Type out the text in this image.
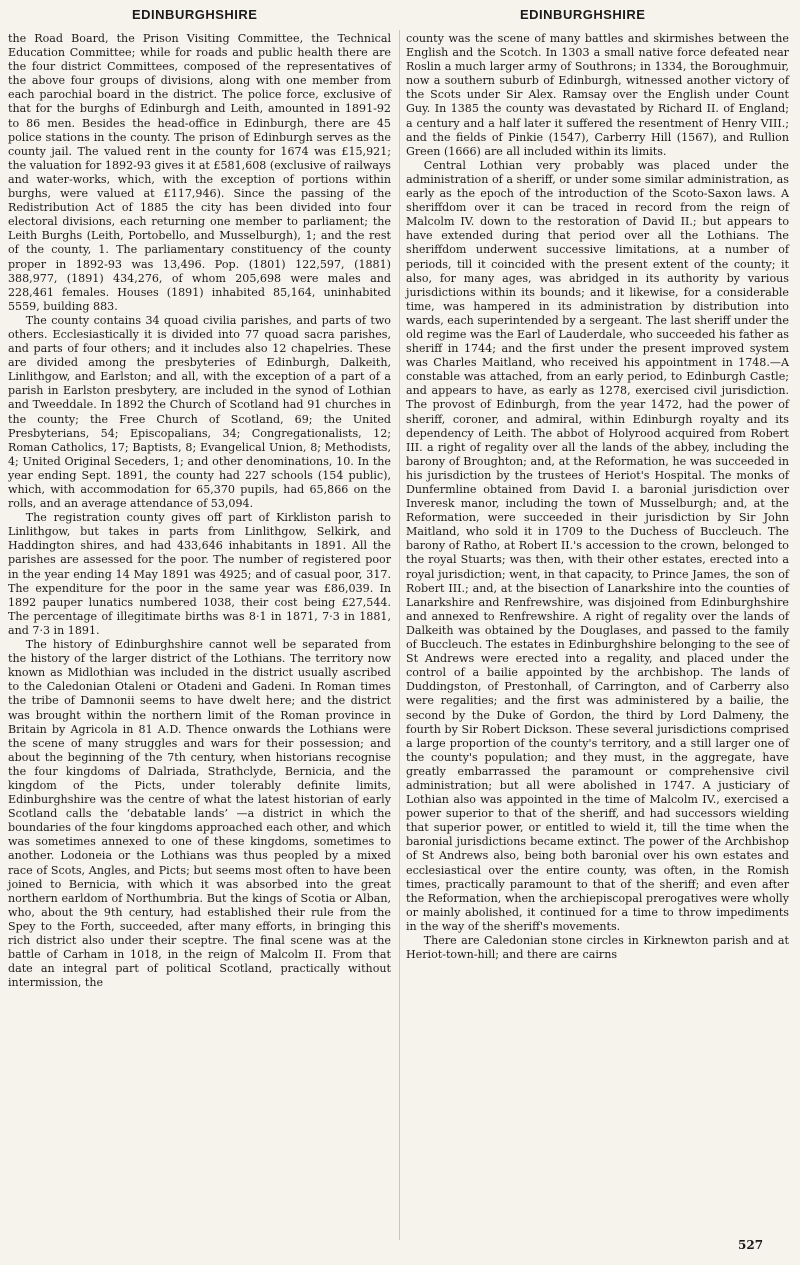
EDINBURGHSHIRE	EDINBURGHSHIRE

the Road Board, the Prison Visiting Committee, the Technical Education Committee; while for roads and public health there are the four district Committees, composed of the representatives of the above four groups of divisions, along with one member from each parochial board in the district. The police force, exclusive of that for the burghs of Edinburgh and Leith, amounted in 1891-92 to 86 men. Besides the head-office in Edinburgh, there are 45 police stations in the county. The prison of Edinburgh serves as the county jail. The valued rent in the county for 1674 was £15,921; the valuation for 1892-93 gives it at £581,608 (exclusive of railways and water-works, which, with the exception of portions within burghs, were valued at £117,946). Since the passing of the Redistribution Act of 1885 the city has been divided into four electoral divisions, each returning one member to parliament; the Leith Burghs (Leith, Portobello, and Musselburgh), 1; and the rest of the county, 1. The parliamentary constituency of the county proper in 1892-93 was 13,496. Pop. (1801) 122,597, (1881) 388,977, (1891) 434,276, of whom 205,698 were males and 228,461 females. Houses (1891) inhabited 85,164, uninhabited 5559, building 883.

The county contains 34 quoad civilia parishes, and parts of two others. Ecclesiastically it is divided into 77 quoad sacra parishes, and parts of four others; and it includes also 12 chapelries. These are divided among the presbyteries of Edinburgh, Dalkeith, Linlithgow, and Earlston; and all, with the exception of a part of a parish in Earlston presbytery, are included in the synod of Lothian and Tweeddale. In 1892 the Church of Scotland had 91 churches in the county; the Free Church of Scotland, 69; the United Presbyterians, 54; Episcopalians, 34; Congregationalists, 12; Roman Catholics, 17; Baptists, 8; Evangelical Union, 8; Methodists, 4; United Original Seceders, 1; and other denominations, 10. In the year ending Sept. 1891, the county had 227 schools (154 public), which, with accommodation for 65,370 pupils, had 65,866 on the rolls, and an average attendance of 53,094.

The registration county gives off part of Kirkliston parish to Linlithgow, but takes in parts from Linlithgow, Selkirk, and Haddington shires, and had 433,646 inhabitants in 1891. All the parishes are assessed for the poor. The number of registered poor in the year ending 14 May 1891 was 4925; and of casual poor, 317. The expenditure for the poor in the same year was £86,039. In 1892 pauper lunatics numbered 1038, their cost being £27,544. The percentage of illegitimate births was 8·1 in 1871, 7·3 in 1881, and 7·3 in 1891.

The history of Edinburghshire cannot well be separated from the history of the larger district of the Lothians. The territory now known as Midlothian was included in the district usually ascribed to the Caledonian Otaleni or Otadeni and Gadeni. In Roman times the tribe of Damnonii seems to have dwelt here; and the district was brought within the northern limit of the Roman province in Britain by Agricola in 81 A.D. Thence onwards the Lothians were the scene of many struggles and wars for their possession; and about the beginning of the 7th century, when historians recognise the four kingdoms of Dalriada, Strathclyde, Bernicia, and the kingdom of the Picts, under tolerably definite limits, Edinburghshire was the centre of what the latest historian of early Scotland calls the ‘debatable lands’ —a district in which the boundaries of the four kingdoms approached each other, and which was sometimes annexed to one of these kingdoms, sometimes to another. Lodoneia or the Lothians was thus peopled by a mixed race of Scots, Angles, and Picts; but seems most often to have been joined to Bernicia, with which it was absorbed into the great northern earldom of Northumbria. But the kings of Scotia or Alban, who, about the 9th century, had established their rule from the Spey to the Forth, succeeded, after many efforts, in bringing this rich district also under their sceptre. The final scene was at the battle of Carham in 1018, in the reign of Malcolm II. From that date an integral part of political Scotland, practically without intermission, the

county was the scene of many battles and skirmishes between the English and the Scotch. In 1303 a small native force defeated near Roslin a much larger army of Southrons; in 1334, the Boroughmuir, now a southern suburb of Edinburgh, witnessed another victory of the Scots under Sir Alex. Ramsay over the English under Count Guy. In 1385 the county was devastated by Richard II. of England; a century and a half later it suffered the resentment of Henry VIII.; and the fields of Pinkie (1547), Carberry Hill (1567), and Rullion Green (1666) are all included within its limits.

Central Lothian very probably was placed under the administration of a sheriff, or under some similar administration, as early as the epoch of the introduction of the Scoto-Saxon laws. A sheriffdom over it can be traced in record from the reign of Malcolm IV. down to the restoration of David II.; but appears to have extended during that period over all the Lothians. The sheriffdom underwent successive limitations, at a number of periods, till it coincided with the present extent of the county; it also, for many ages, was abridged in its authority by various jurisdictions within its bounds; and it likewise, for a considerable time, was hampered in its administration by distribution into wards, each superintended by a sergeant. The last sheriff under the old regime was the Earl of Lauderdale, who succeeded his father as sheriff in 1744; and the first under the present improved system was Charles Maitland, who received his appointment in 1748.—A constable was attached, from an early period, to Edinburgh Castle; and appears to have, as early as 1278, exercised civil jurisdiction. The provost of Edinburgh, from the year 1472, had the power of sheriff, coroner, and admiral, within Edinburgh royalty and its dependency of Leith. The abbot of Holyrood acquired from Robert III. a right of regality over all the lands of the abbey, including the barony of Broughton; and, at the Reformation, he was succeeded in his jurisdiction by the trustees of Heriot's Hospital. The monks of Dunfermline obtained from David I. a baronial jurisdiction over Inveresk manor, including the town of Musselburgh; and, at the Reformation, were succeeded in their jurisdiction by Sir John Maitland, who sold it in 1709 to the Duchess of Buccleuch. The barony of Ratho, at Robert II.'s accession to the crown, belonged to the royal Stuarts; was then, with their other estates, erected into a royal jurisdiction; went, in that capacity, to Prince James, the son of Robert III.; and, at the bisection of Lanarkshire into the counties of Lanarkshire and Renfrewshire, was disjoined from Edinburghshire and annexed to Renfrewshire. A right of regality over the lands of Dalkeith was obtained by the Douglases, and passed to the family of Buccleuch. The estates in Edinburghshire belonging to the see of St Andrews were erected into a regality, and placed under the control of a bailie appointed by the archbishop. The lands of Duddingston, of Prestonhall, of Carrington, and of Carberry also were regalities; and the first was administered by a bailie, the second by the Duke of Gordon, the third by Lord Dalmeny, the fourth by Sir Robert Dickson. These several jurisdictions comprised a large proportion of the county's territory, and a still larger one of the county's population; and they must, in the aggregate, have greatly embarrassed the paramount or comprehensive civil administration; but all were abolished in 1747. A justiciary of Lothian also was appointed in the time of Malcolm IV., exercised a power superior to that of the sheriff, and had successors wielding that superior power, or entitled to wield it, till the time when the baronial jurisdictions became extinct. The power of the Archbishop of St Andrews also, being both baronial over his own estates and ecclesiastical over the entire county, was often, in the Romish times, practically paramount to that of the sheriff; and even after the Reformation, when the archiepiscopal prerogatives were wholly or mainly abolished, it continued for a time to throw impediments in the way of the sheriff's movements.

There are Caledonian stone circles in Kirknewton parish and at Heriot-town-hill; and there are cairns

527
